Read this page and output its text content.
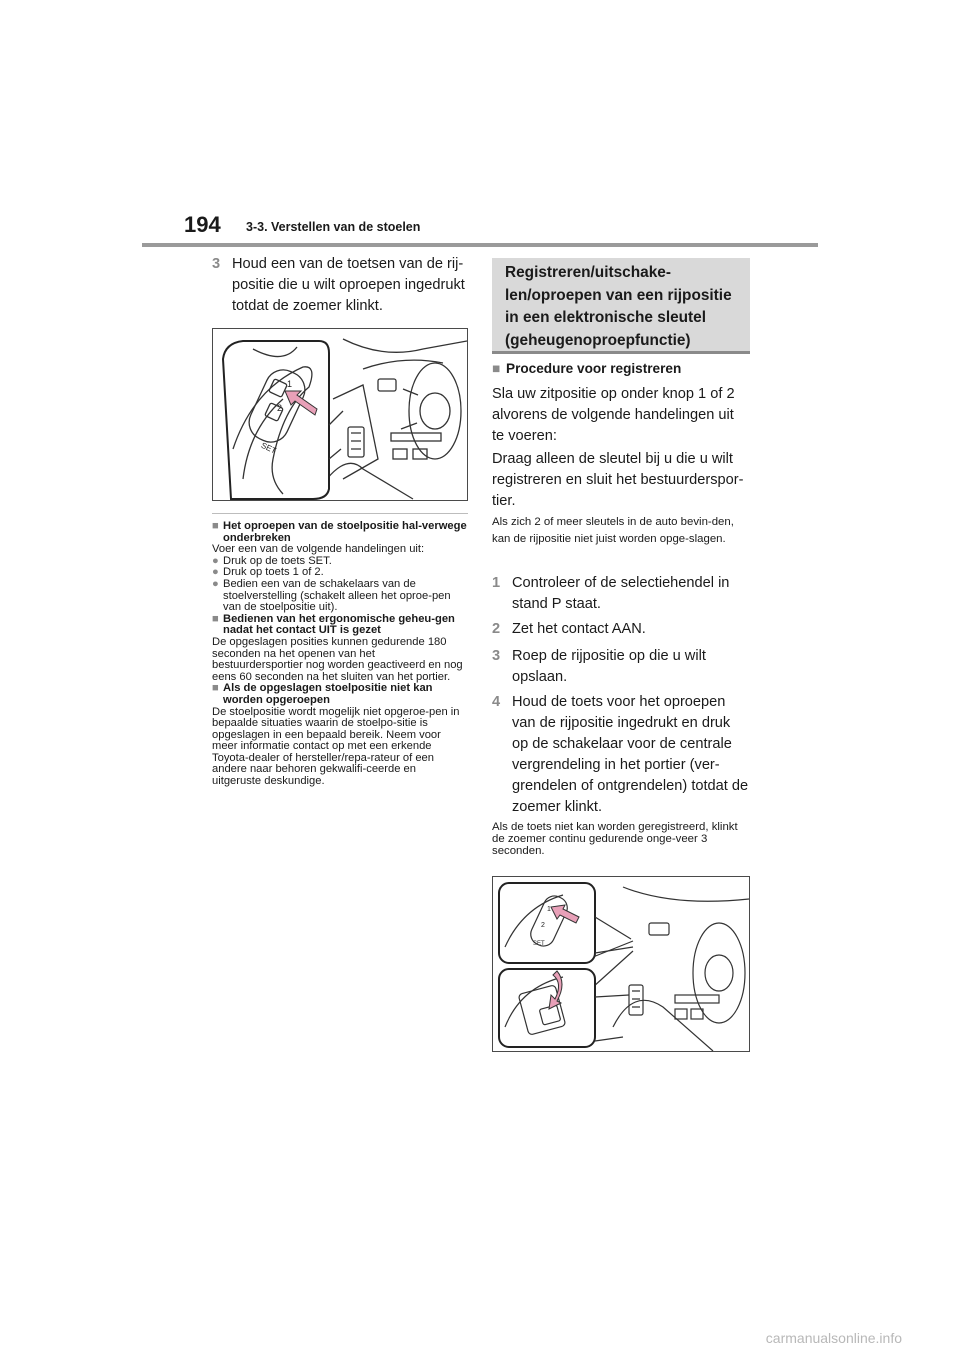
194 3-3. Verstellen van de stoelen
3 Houd een van de toetsen van de rij-positie die u wilt oproepen ingedrukt totdat de zoemer klinkt.
1
2
SET
■ Het oproepen van de stoelpositie hal-verwege onderbreken
Voer een van de volgende handelingen uit:
● Druk op de toets SET.
● Druk op toets 1 of 2.
● Bedien een van de schakelaars van de stoelverstelling (schakelt alleen het oproe-pen van de stoelpositie uit).
■ Bedienen van het ergonomische geheu-gen nadat het contact UIT is gezet
De opgeslagen posities kunnen gedurende 180 seconden na het openen van het bestuurdersportier nog worden geactiveerd en nog eens 60 seconden na het sluiten van het portier.
■ Als de opgeslagen stoelpositie niet kan worden opgeroepen
De stoelpositie wordt mogelijk niet opgeroe-pen in bepaalde situaties waarin de stoelpo-sitie is opgeslagen in een bepaald bereik. Neem voor meer informatie contact op met een erkende Toyota-dealer of hersteller/repa-rateur of een andere naar behoren gekwalifi-ceerde en uitgeruste deskundige.
Registreren/uitschake-len/oproepen van een rijpositie in een elektronische sleutel (geheugenoproepfunctie)
■ Procedure voor registreren
Sla uw zitpositie op onder knop 1 of 2 alvorens de volgende handelingen uit te voeren:
Draag alleen de sleutel bij u die u wilt registreren en sluit het bestuurderspor-tier.
Als zich 2 of meer sleutels in de auto bevin-den, kan de rijpositie niet juist worden opge-slagen.
1 Controleer of de selectiehendel in stand P staat.
2 Zet het contact AAN.
3 Roep de rijpositie op die u wilt opslaan.
4 Houd de toets voor het oproepen van de rijpositie ingedrukt en druk op de schakelaar voor de centrale vergrendeling in het portier (ver-grendelen of ontgrendelen) totdat de zoemer klinkt.
Als de toets niet kan worden geregistreerd, klinkt de zoemer continu gedurende onge-veer 3 seconden.
1
2
SET
carmanualsonline.info
